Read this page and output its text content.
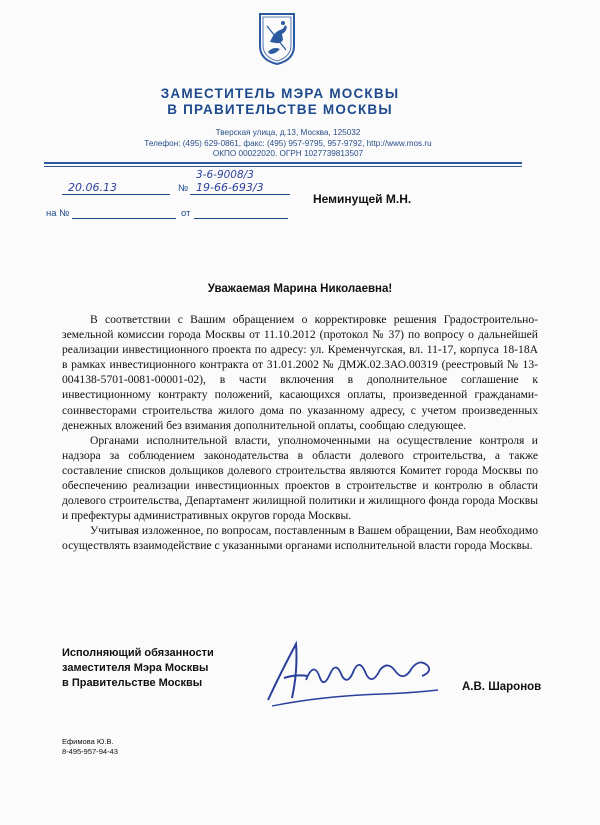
ЗАМЕСТИТЕЛЬ МЭРА МОСКВЫ
В ПРАВИТЕЛЬСТВЕ МОСКВЫ
Тверская улица, д.13, Москва, 125032
Телефон: (495) 629-0861, факс: (495) 957-9795, 957-9792, http://www.mos.ru
ОКПО 00022020. ОГРН 1027739813507
3-6-9008/3
20.06.13	№ 19-66-693/3
на №	от
Неминущей М.Н.
Уважаемая Марина Николаевна!

В соответствии с Вашим обращением о корректировке решения Градостроительно-земельной комиссии города Москвы от 11.10.2012 (протокол № 37) по вопросу о дальнейшей реализации инвестиционного проекта по адресу: ул. Кременчугская, вл. 11-17, корпуса 18-18А в рамках инвестиционного контракта от 31.01.2002 № ДМЖ.02.ЗАО.00319 (реестровый № 13-004138-5701-0081-00001-02), в части включения в дополнительное соглашение к инвестиционному контракту положений, касающихся оплаты, произведенной гражданами-соинвесторами строительства жилого дома по указанному адресу, с учетом произведенных денежных вложений без взимания дополнительной оплаты, сообщаю следующее.

Органами исполнительной власти, уполномоченными на осуществление контроля и надзора за соблюдением законодательства в области долевого строительства, а также составление списков дольщиков долевого строительства являются Комитет города Москвы по обеспечению реализации инвестиционных проектов в строительстве и контролю в области долевого строительства, Департамент жилищной политики и жилищного фонда города Москвы и префектуры административных округов города Москвы.

Учитывая изложенное, по вопросам, поставленным в Вашем обращении, Вам необходимо осуществлять взаимодействие с указанными органами исполнительной власти города Москвы.

Исполняющий обязанности
заместителя Мэра Москвы
в Правительстве Москвы	А.В. Шаронов
Ефимова Ю.В.
8-495-957-94-43
